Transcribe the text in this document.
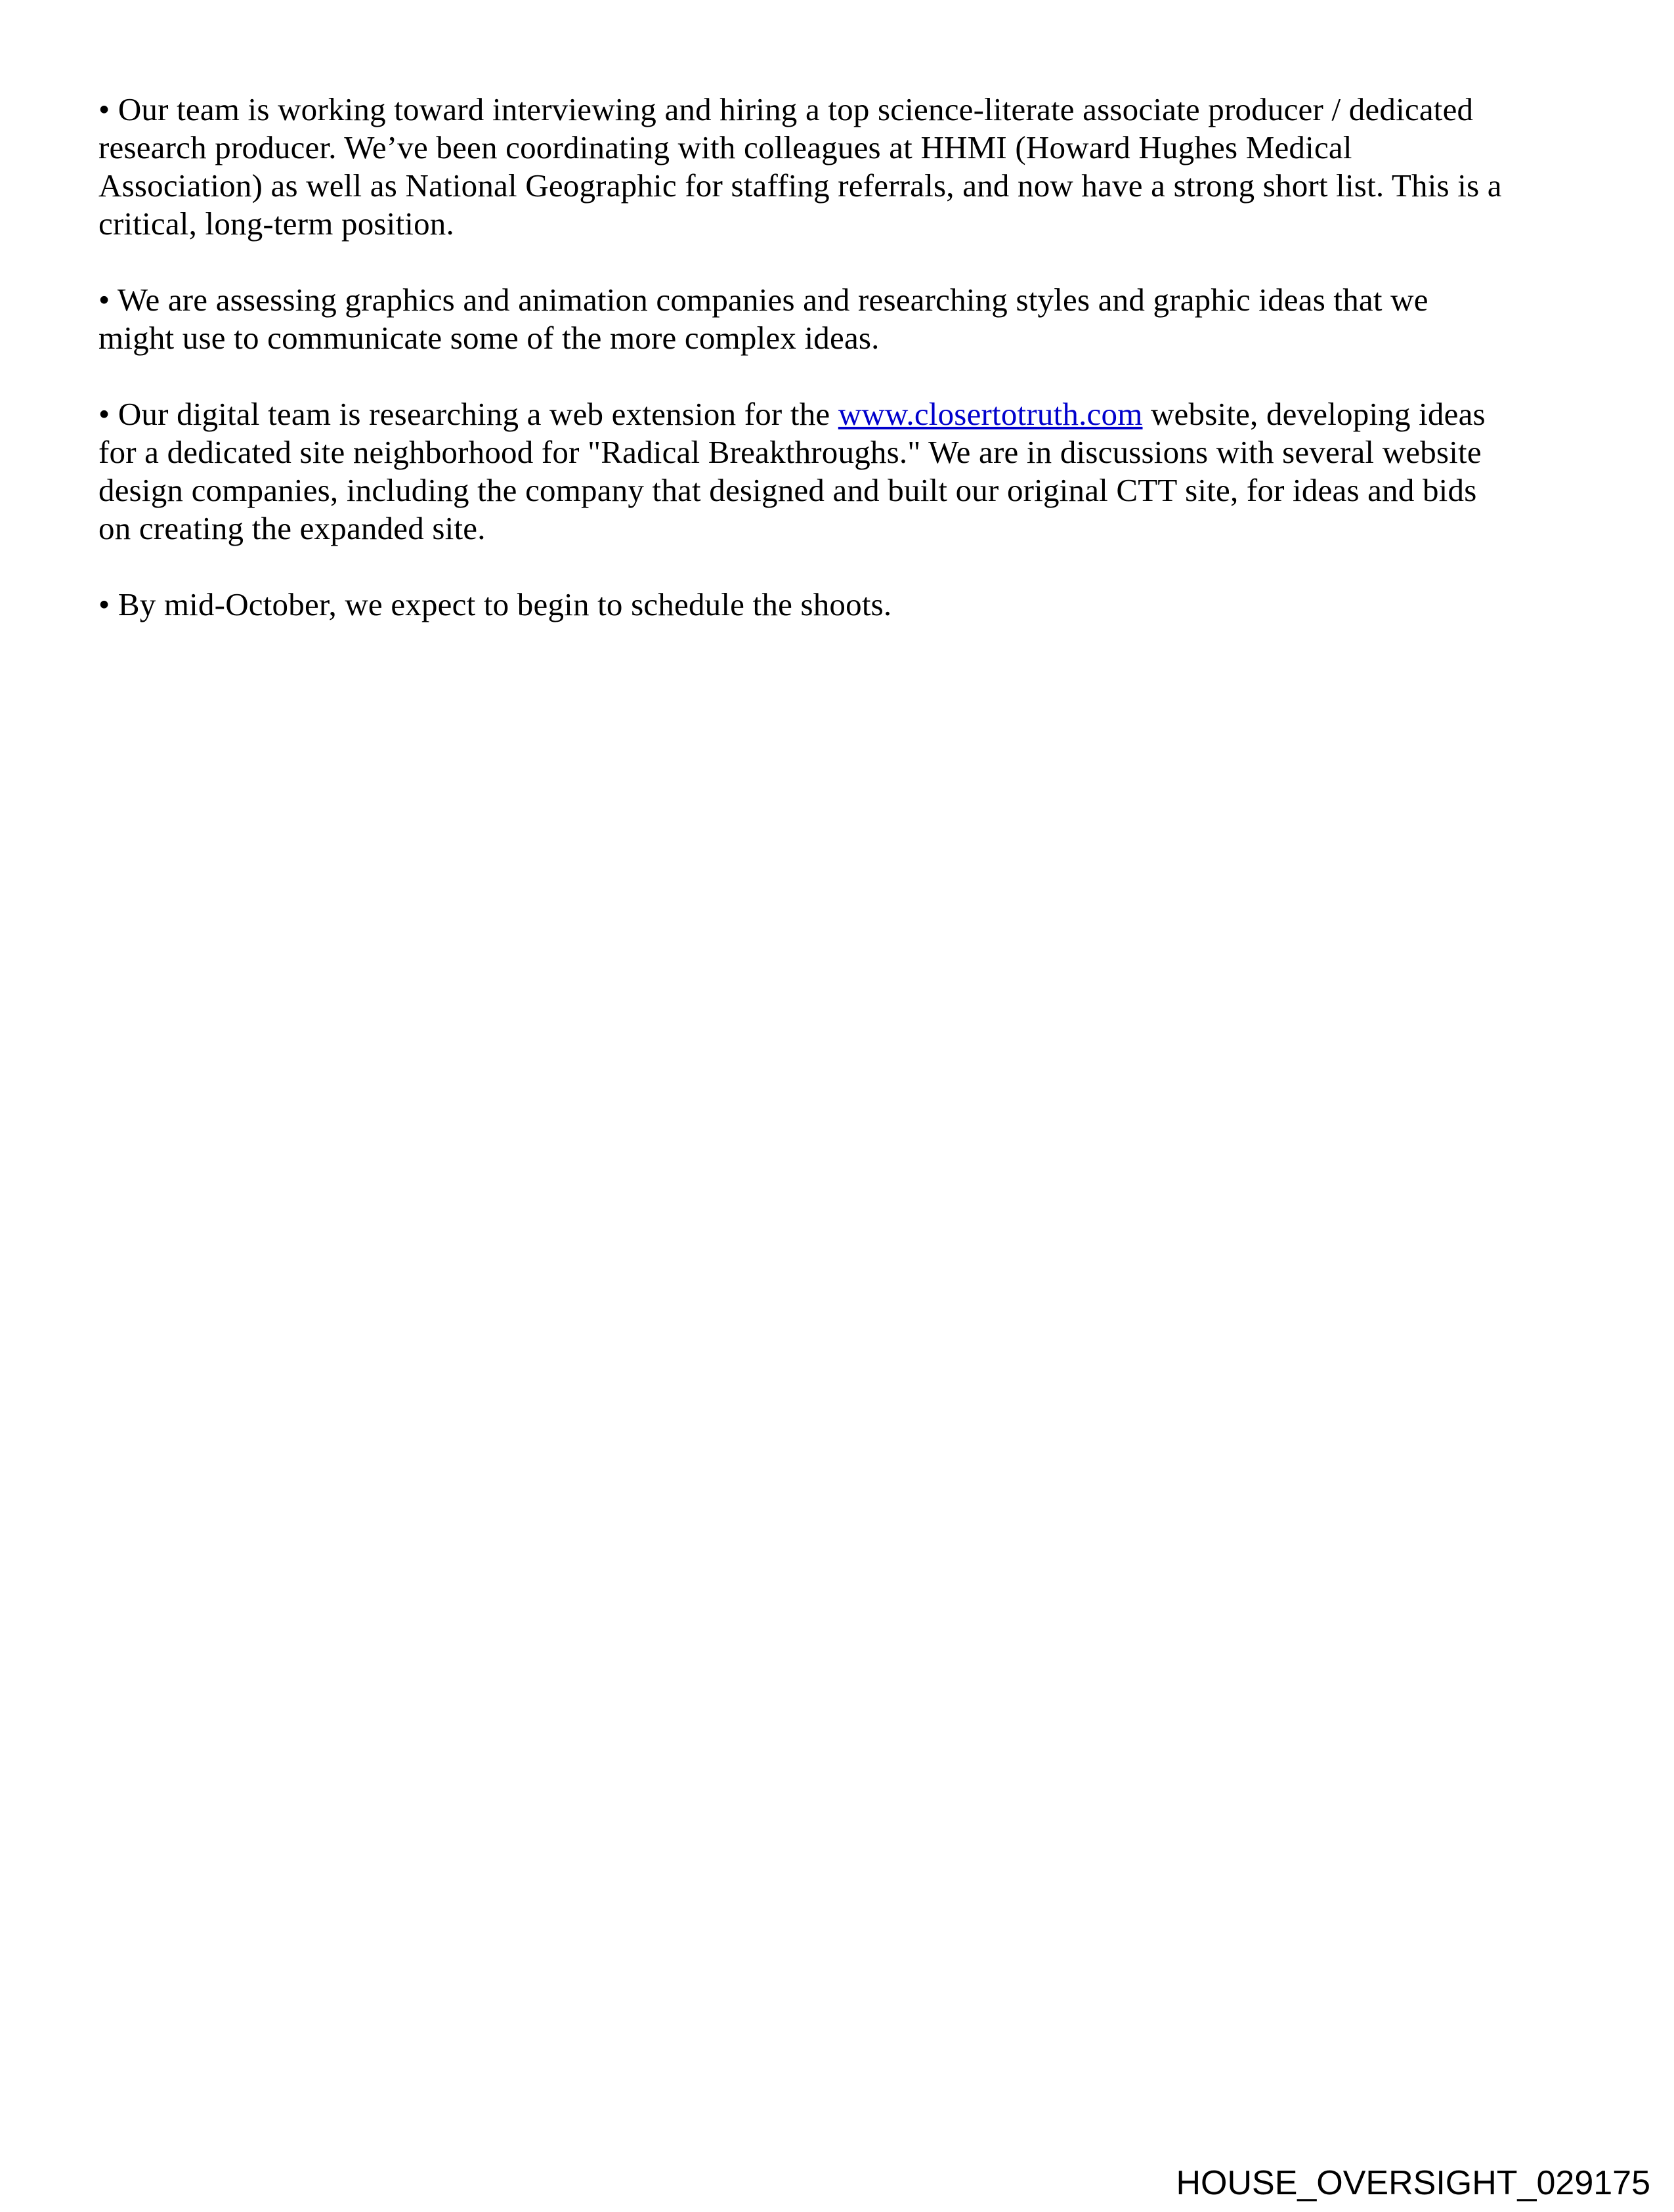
• Our team is working toward interviewing and hiring a top science-literate associate producer / dedicated research producer. We’ve been coordinating with colleagues at HHMI (Howard Hughes Medical Association) as well as National Geographic for staffing referrals, and now have a strong short list. This is a critical, long-term position.

• We are assessing graphics and animation companies and researching styles and graphic ideas that we might use to communicate some of the more complex ideas.

• Our digital team is researching a web extension for the www.closertotruth.com website, developing ideas for a dedicated site neighborhood for "Radical Breakthroughs." We are in discussions with several website design companies, including the company that designed and built our original CTT site, for ideas and bids on creating the expanded site.

• By mid-October, we expect to begin to schedule the shoots.

HOUSE_OVERSIGHT_029175
